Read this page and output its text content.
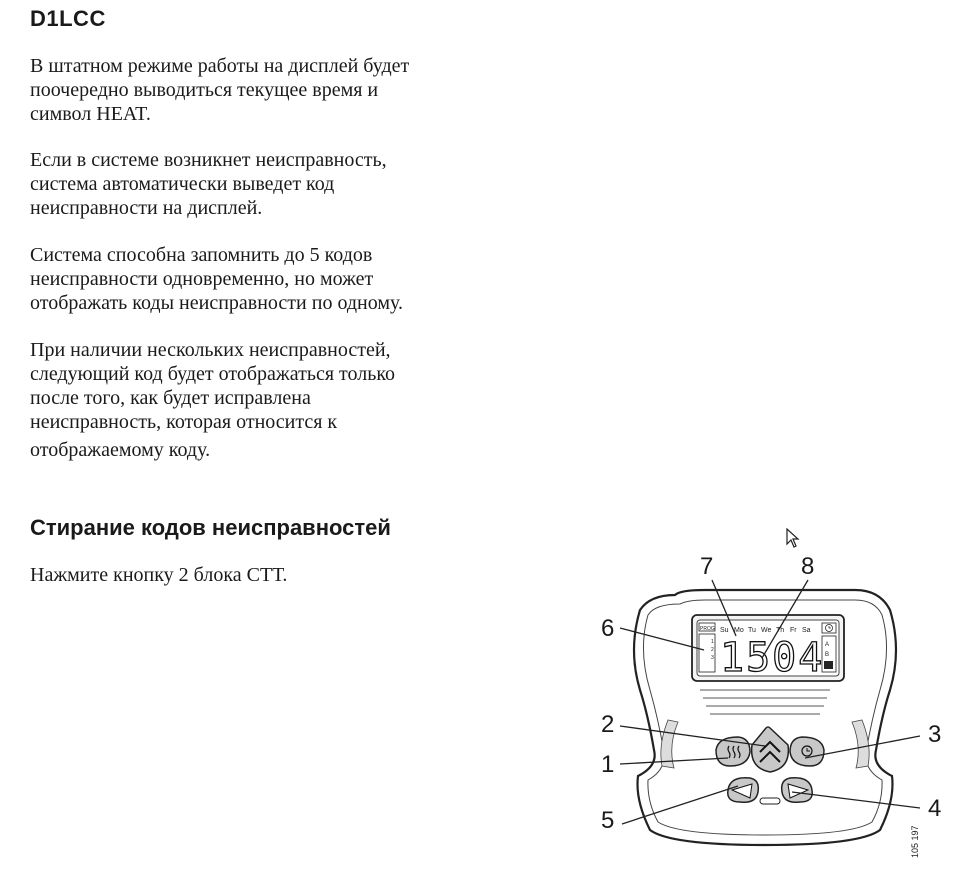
D1LCC
В штатном режиме работы на дисплей будет
поочередно выводиться текущее время и
символ HEAT.
Если в системе возникнет неисправность,
система автоматически выведет код
неисправности на дисплей.
Система способна запомнить до 5 кодов
неисправности одновременно, но может
отображать коды неисправности по одному.
При наличии нескольких неисправностей,
следующий код будет отображаться только
после того, как будет исправлена
неисправность, которая относится к
отображаемому коду.
Стирание кодов неисправностей
Нажмите кнопку 2 блока СТТ.
PROG
1
2
3
Su Mo Tu We Th Fr Sa
1504 A
B
1
2	3
4
5
6
7	8
105 197
